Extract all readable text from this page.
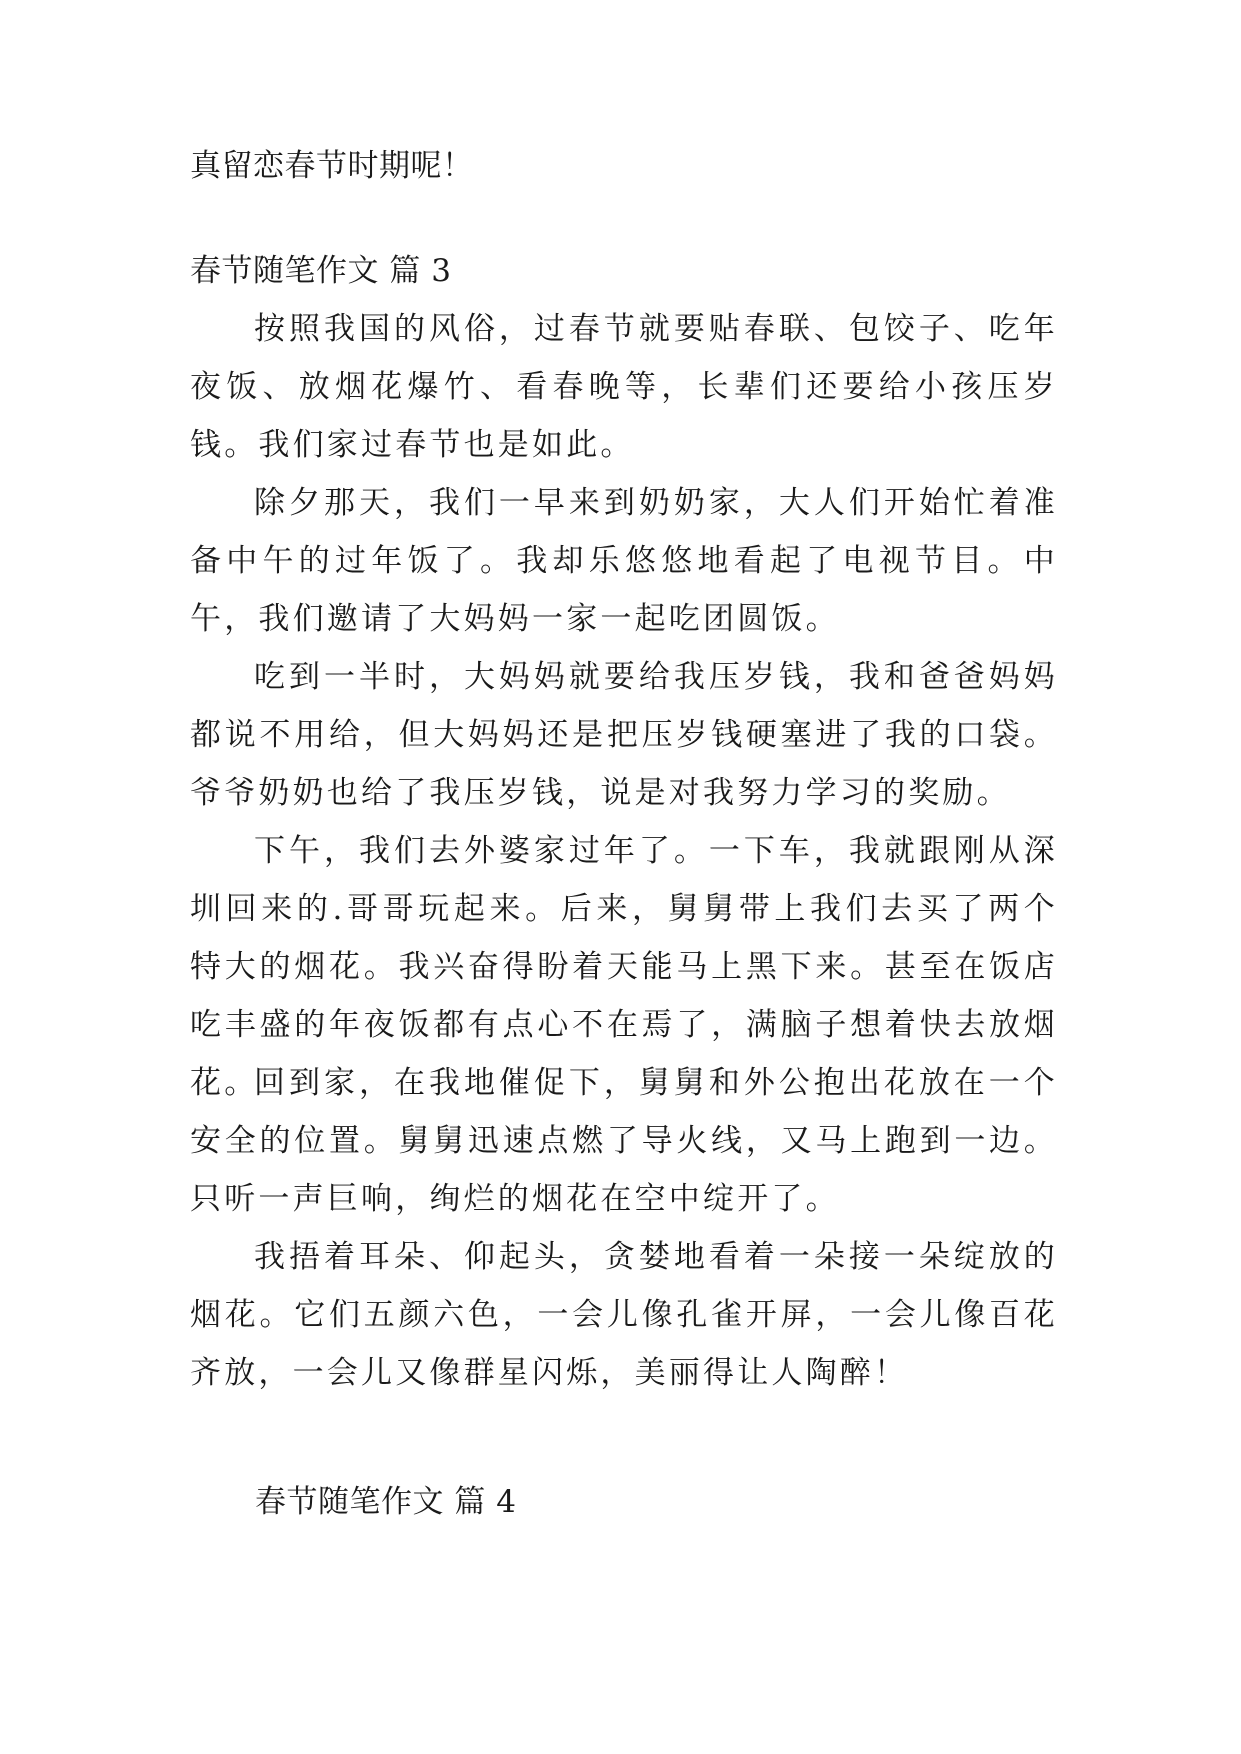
真留恋春节时期呢！
春节随笔作文 篇 3

按照我国的风俗，过春节就要贴春联、包饺子、吃年夜饭、放烟花爆竹、看春晚等，长辈们还要给小孩压岁钱。我们家过春节也是如此。

除夕那天，我们一早来到奶奶家，大人们开始忙着准备中午的过年饭了。我却乐悠悠地看起了电视节目。中午，我们邀请了大妈妈一家一起吃团圆饭。

吃到一半时，大妈妈就要给我压岁钱，我和爸爸妈妈都说不用给，但大妈妈还是把压岁钱硬塞进了我的口袋。爷爷奶奶也给了我压岁钱，说是对我努力学习的奖励。

下午，我们去外婆家过年了。一下车，我就跟刚从深圳回来的.哥哥玩起来。后来，舅舅带上我们去买了两个特大的烟花。我兴奋得盼着天能马上黑下来。甚至在饭店吃丰盛的年夜饭都有点心不在焉了，满脑子想着快去放烟花。

回到家，在我地催促下，舅舅和外公抱出花放在一个安全的位置。舅舅迅速点燃了导火线，又马上跑到一边。只听一声巨响，绚烂的烟花在空中绽开了。

我捂着耳朵、仰起头，贪婪地看着一朵接一朵绽放的烟花。它们五颜六色，一会儿像孔雀开屏，一会儿像百花齐放，一会儿又像群星闪烁，美丽得让人陶醉！

春节随笔作文 篇 4
